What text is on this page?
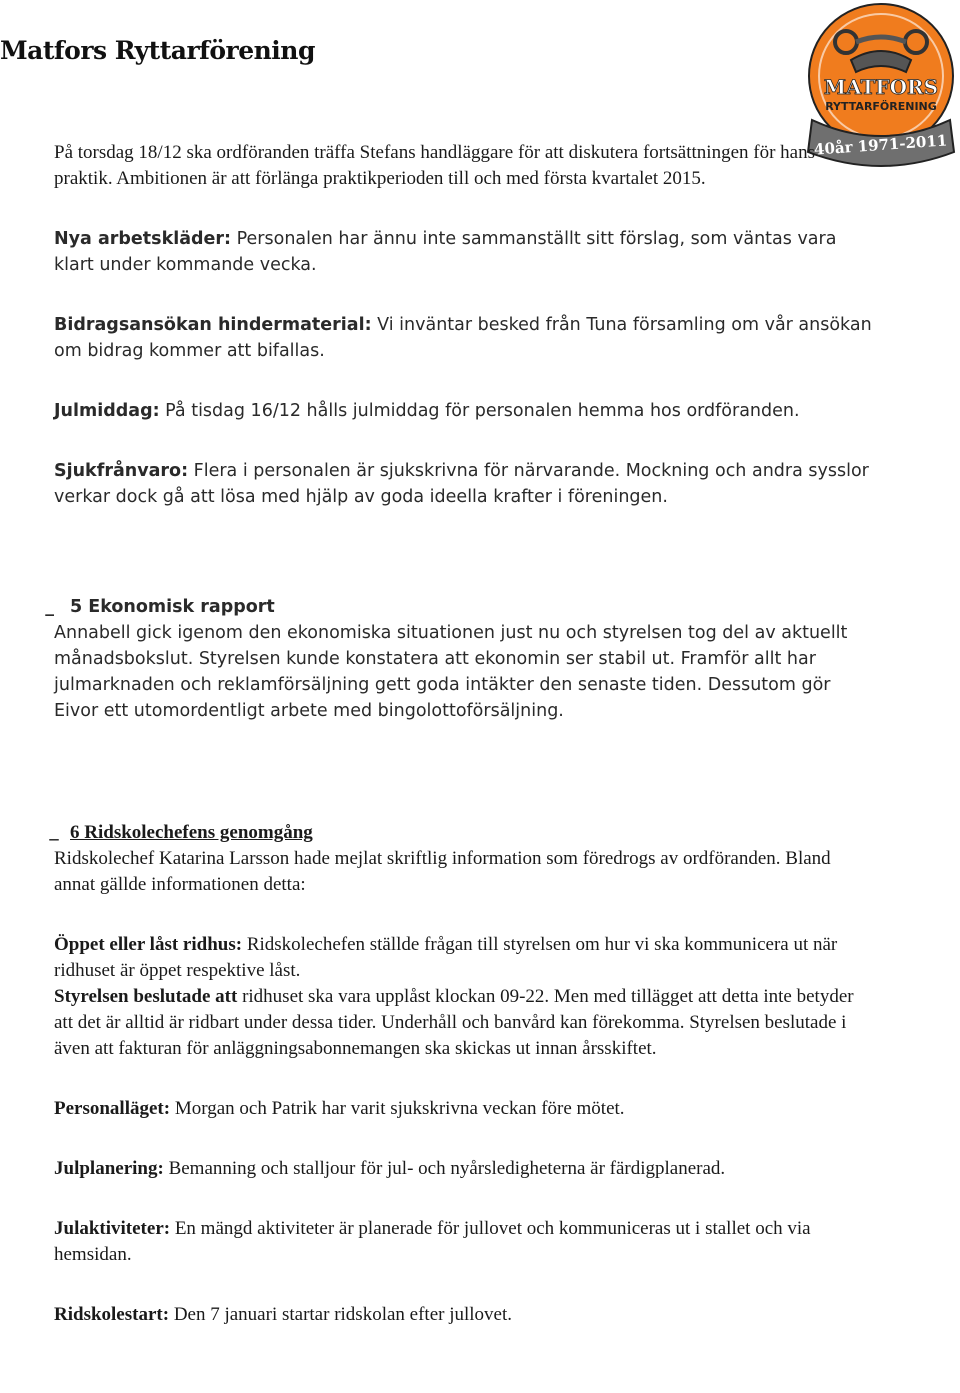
Matfors Ryttarförening
MATFORS
RYTTARFÖRENING
40år 1971-2011

På torsdag 18/12 ska ordföranden träffa Stefans handläggare för att diskutera fortsättningen för hans praktik. Ambitionen är att förlänga praktikperioden till och med första kvartalet 2015.

Nya arbetskläder: Personalen har ännu inte sammanställt sitt förslag, som väntas vara klart under kommande vecka.

Bidragsansökan hindermaterial: Vi inväntar besked från Tuna församling om vår ansökan om bidrag kommer att bifallas.

Julmiddag: På tisdag 16/12 hålls julmiddag för personalen hemma hos ordföranden.

Sjukfrånvaro: Flera i personalen är sjukskrivna för närvarande. Mockning och andra sysslor verkar dock gå att lösa med hjälp av goda ideella krafter i föreningen.

5 Ekonomisk rapport

Annabell gick igenom den ekonomiska situationen just nu och styrelsen tog del av aktuellt månadsbokslut. Styrelsen kunde konstatera att ekonomin ser stabil ut. Framför allt har julmarknaden och reklamförsäljning gett goda intäkter den senaste tiden. Dessutom gör Eivor ett utomordentligt arbete med bingolottoförsäljning.

6 Ridskolechefens genomgång

Ridskolechef Katarina Larsson hade mejlat skriftlig information som föredrogs av ordföranden. Bland annat gällde informationen detta:

Öppet eller låst ridhus: Ridskolechefen ställde frågan till styrelsen om hur vi ska kommunicera ut när ridhuset är öppet respektive låst.

Styrelsen beslutade att ridhuset ska vara upplåst klockan 09-22. Men med tillägget att detta inte betyder att det är alltid är ridbart under dessa tider. Underhåll och banvård kan förekomma. Styrelsen beslutade i även att fakturan för anläggningsabonnemangen ska skickas ut innan årsskiftet.

Personalläget: Morgan och Patrik har varit sjukskrivna veckan före mötet.

Julplanering: Bemanning och stalljour för jul- och nyårsledigheterna är färdigplanerad.

Julaktiviteter: En mängd aktiviteter är planerade för jullovet och kommuniceras ut i stallet och via hemsidan.

Ridskolestart: Den 7 januari startar ridskolan efter jullovet.
